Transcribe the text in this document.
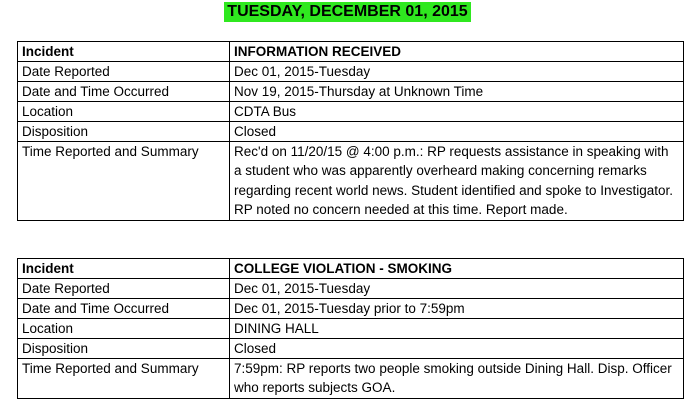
TUESDAY, DECEMBER 01, 2015
Incident	INFORMATION RECEIVED
Date Reported	Dec 01, 2015-Tuesday
Date and Time Occurred	Nov 19, 2015-Thursday at Unknown Time
Location	CDTA Bus
Disposition	Closed
Time Reported and Summary	Rec'd on 11/20/15 @ 4:00 p.m.: RP requests assistance in speaking with a student who was apparently overheard making concerning remarks regarding recent world news. Student identified and spoke to Investigator. RP noted no concern needed at this time. Report made.
Incident	COLLEGE VIOLATION - SMOKING
Date Reported	Dec 01, 2015-Tuesday
Date and Time Occurred	Dec 01, 2015-Tuesday prior to 7:59pm
Location	DINING HALL
Disposition	Closed
Time Reported and Summary	7:59pm: RP reports two people smoking outside Dining Hall. Disp. Officer who reports subjects GOA.
